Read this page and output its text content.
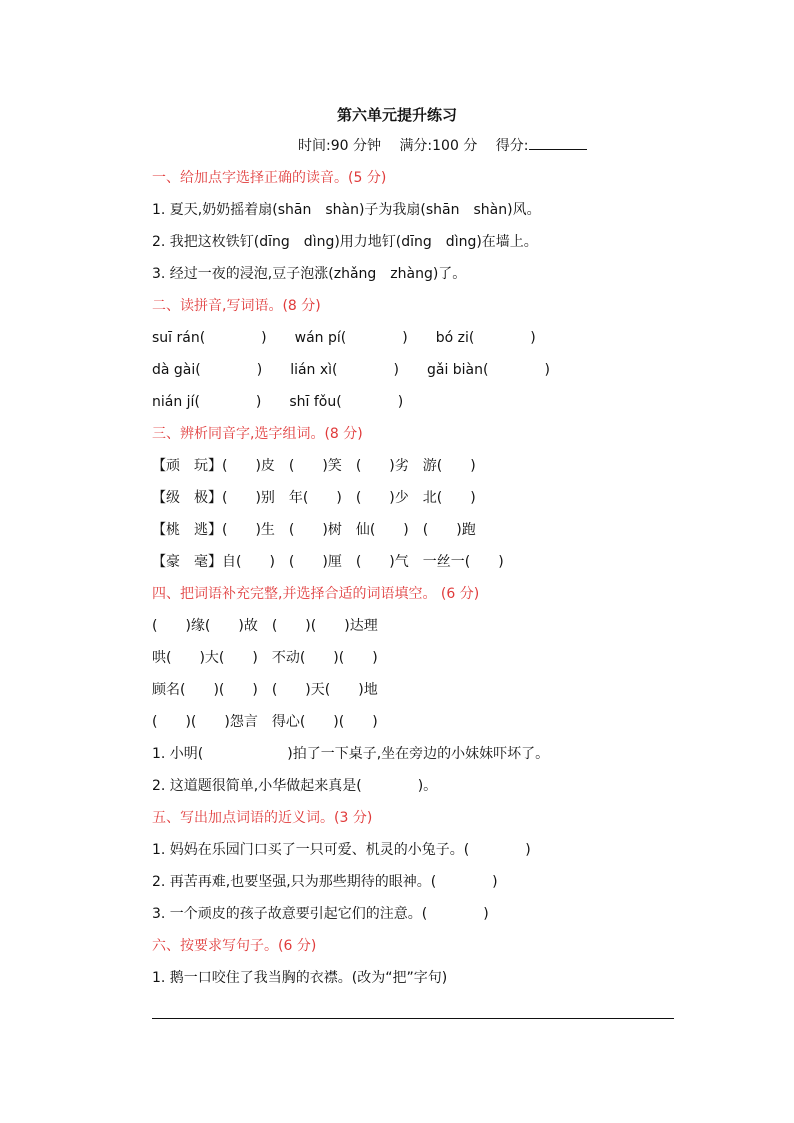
第六单元提升练习
时间:90 分钟　 满分:100 分　 得分:
一、给加点字选择正确的读音。(5 分)
1. 夏天,奶奶摇着扇(shān　shàn)子为我扇(shān　shàn)风。
2. 我把这枚铁钉(dīng　dìng)用力地钉(dīng　dìng)在墙上。
3. 经过一夜的浸泡,豆子泡涨(zhǎng　zhàng)了。
二、读拼音,写词语。(8 分)
suī rán(　　　　)　　wán pí(　　　　)　　bó zi(　　　　)
dà gài(　　　　)　　lián xì(　　　　)　　gǎi biàn(　　　　)
nián jí(　　　　)　　shī fǒu(　　　　)
三、辨析同音字,选字组词。(8 分)
【顽　玩】(　　)皮　(　　)笑　(　　)劣　游(　　)
【级　极】(　　)别　年(　　)　(　　)少　北(　　)
【桃　逃】(　　)生　(　　)树　仙(　　)　(　　)跑
【豪　毫】自(　　)　(　　)厘　(　　)气　一丝一(　　)
四、把词语补充完整,并选择合适的词语填空。 (6 分)
(　　)缘(　　)故　(　　)(　　)达理
哄(　　)大(　　)　不动(　　)(　　)
顾名(　　)(　　)　(　　)天(　　)地
(　　)(　　)怨言　得心(　　)(　　)
1. 小明(　　　　　　)拍了一下桌子,坐在旁边的小妹妹吓坏了。
2. 这道题很简单,小华做起来真是(　　　　)。
五、写出加点词语的近义词。(3 分)
1. 妈妈在乐园门口买了一只可爱、机灵的小兔子。(　　　　)
2. 再苦再难,也要坚强,只为那些期待的眼神。(　　　　)
3. 一个顽皮的孩子故意要引起它们的注意。(　　　　)
六、按要求写句子。(6 分)
1. 鹅一口咬住了我当胸的衣襟。(改为“把”字句)
